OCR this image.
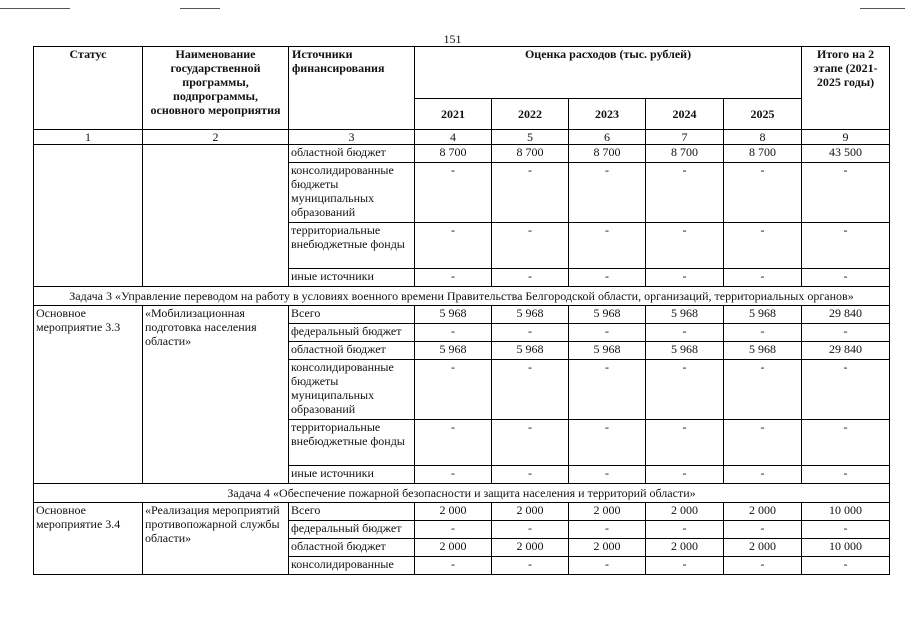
151
Статус	Наименование государственной программы, подпрограммы, основного мероприятия	Источники финансирования	Оценка расходов (тыс. рублей)					Итого на 2 этапе (2021-2025 годы)
			2021	2022	2023	2024	2025	
1	2	3	4	5	6	7	8	9
		областной бюджет	8 700	8 700	8 700	8 700	8 700	43 500
		консолидированные бюджеты муниципальных образований	-	-	-	-	-	-
		территориальные внебюджетные фонды	-	-	-	-	-	-
		иные источники	-	-	-	-	-	-
Задача 3 «Управление переводом на работу в условиях военного времени Правительства Белгородской области, организаций, территориальных органов»								
Основное мероприятие 3.3	«Мобилизационная подготовка населения области»	Всего	5 968	5 968	5 968	5 968	5 968	29 840
		федеральный бюджет	-	-	-	-	-	-
		областной бюджет	5 968	5 968	5 968	5 968	5 968	29 840
		консолидированные бюджеты муниципальных образований	-	-	-	-	-	-
		территориальные внебюджетные фонды	-	-	-	-	-	-
		иные источники	-	-	-	-	-	-
Задача 4 «Обеспечение пожарной безопасности и защита населения и территорий области»								
Основное мероприятие 3.4	«Реализация мероприятий противопожарной службы области»	Всего	2 000	2 000	2 000	2 000	2 000	10 000
		федеральный бюджет	-	-	-	-	-	-
		областной бюджет	2 000	2 000	2 000	2 000	2 000	10 000
		консолидированные	-	-	-	-	-	-
